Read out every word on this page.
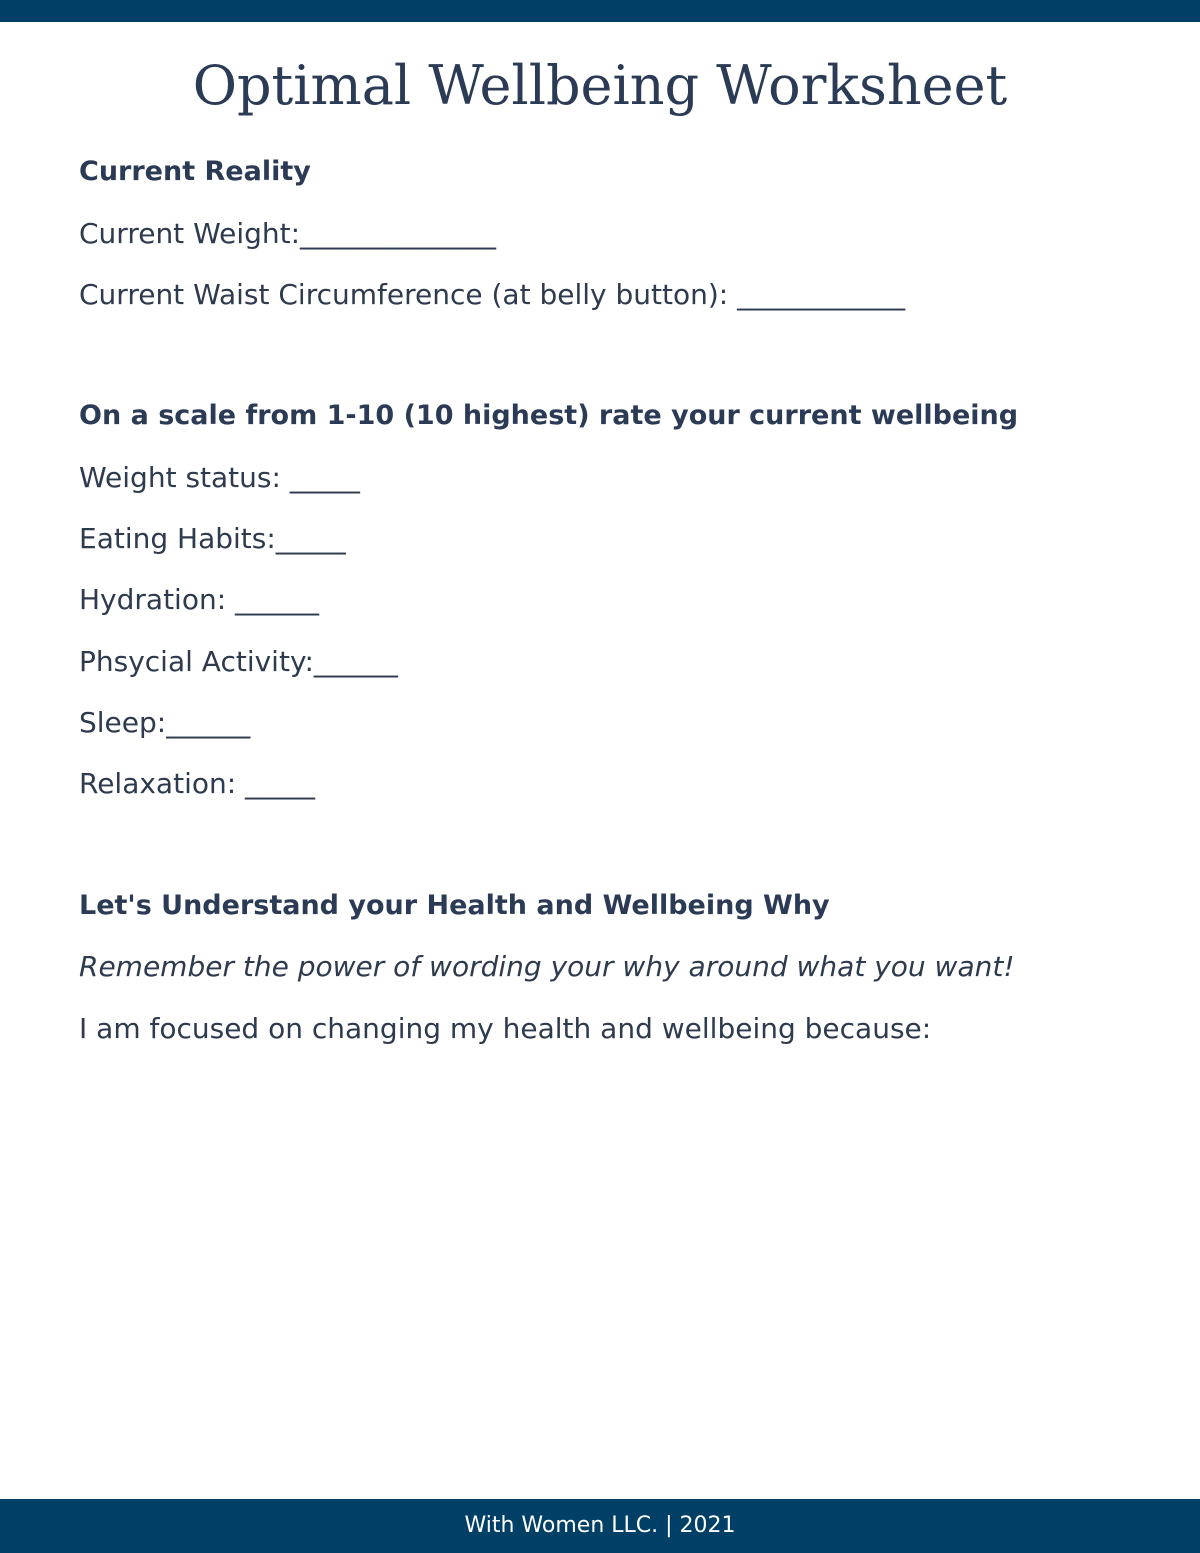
Optimal Wellbeing Worksheet
Current Reality
Current Weight:______________
Current Waist Circumference (at belly button): ____________
On a scale from 1-10 (10 highest) rate your current wellbeing
Weight status: _____
Eating Habits:_____
Hydration: ______
Phsycial Activity:______
Sleep:______
Relaxation: _____
Let's Understand your Health and Wellbeing Why
Remember the power of wording your why around what you want!
I am focused on changing my health and wellbeing because:
With Women LLC. | 2021
